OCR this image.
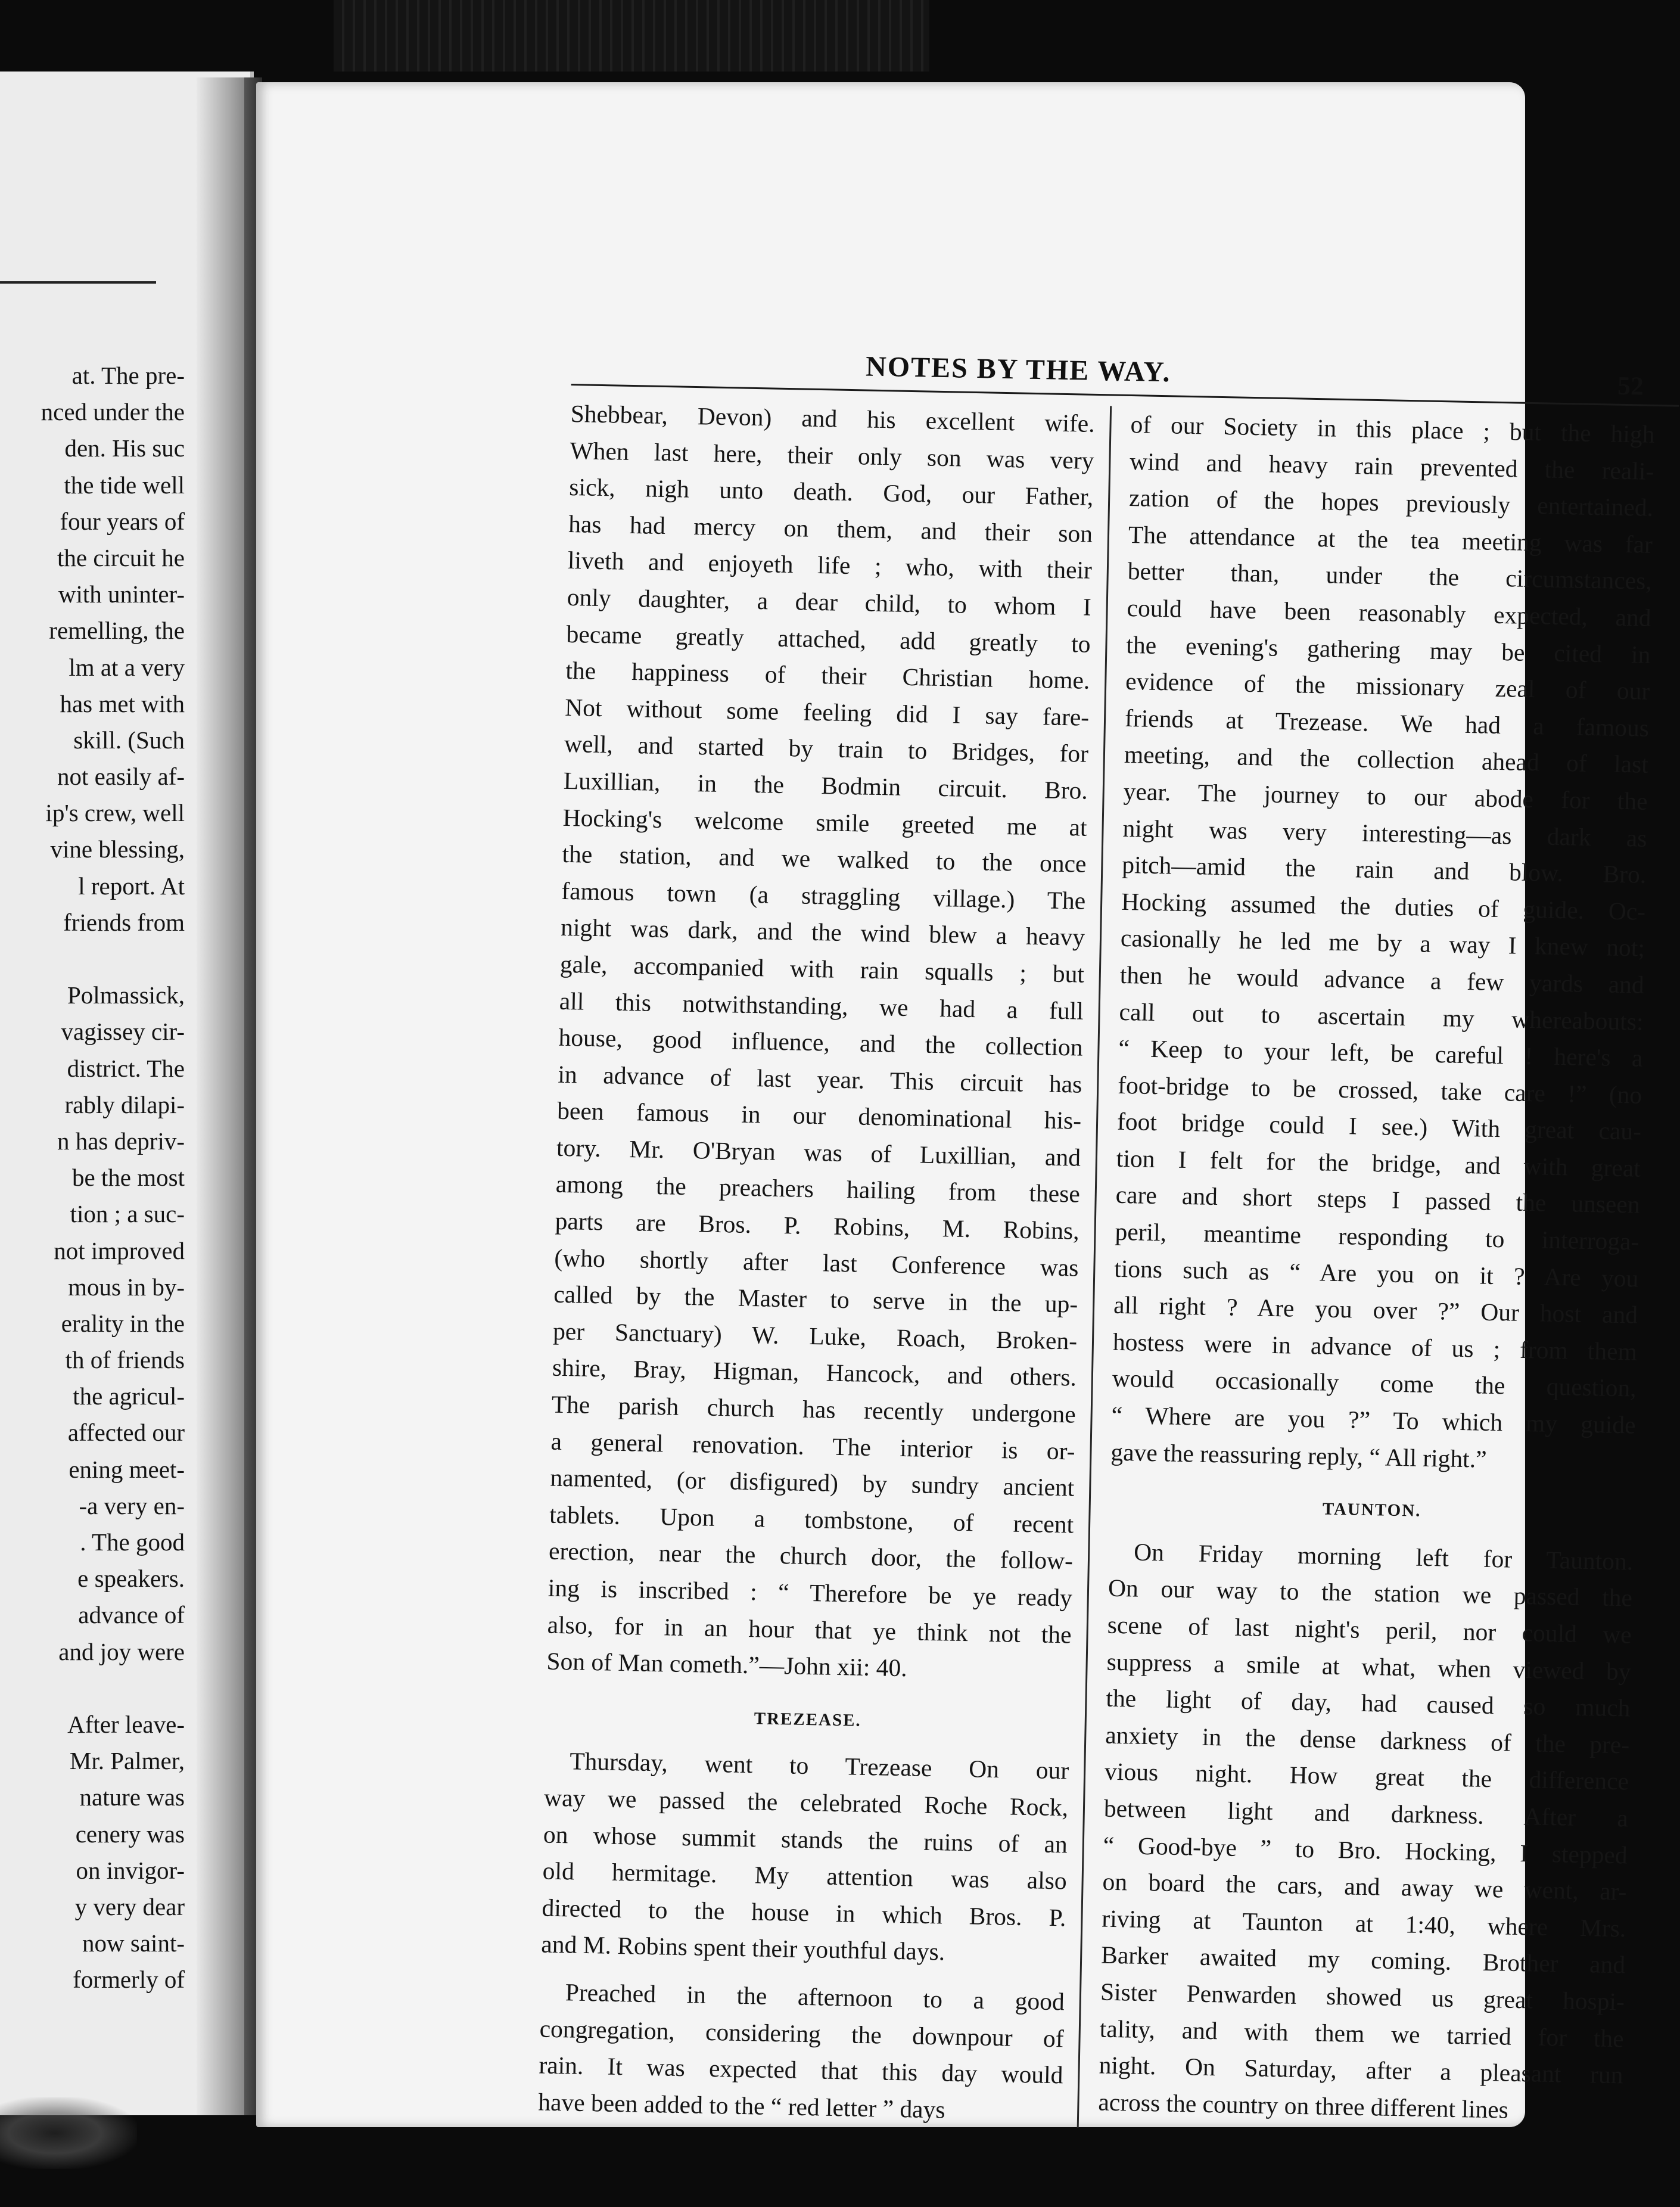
at. The pre-
nced under the
den. His suc
the tide well
four years of
the circuit he
with uninter-
remelling, the
lm at a very
has met with
skill. (Such
not easily af-
ip's crew, well
vine blessing,
l report. At
friends from
Polmassick,
vagissey cir-
district. The
rably dilapi-
n has depriv-
be the most
tion ; a suc-
not improved
mous in by-
erality in the
th of friends
the agricul-
affected our
ening meet-
-a very en-
. The good
e speakers.
advance of
and joy were
After leave-
Mr. Palmer,
nature was
cenery was
on invigor-
y very dear
now saint-
formerly of
NOTES BY THE WAY.	52
Shebbear, Devon) and his excellent wife.
When last here, their only son was very
sick, nigh unto death. God, our Father,
has had mercy on them, and their son
liveth and enjoyeth life ; who, with their
only daughter, a dear child, to whom I
became greatly attached, add greatly to
the happiness of their Christian home.
Not without some feeling did I say fare-
well, and started by train to Bridges, for
Luxillian, in the Bodmin circuit. Bro.
Hocking's welcome smile greeted me at
the station, and we walked to the once
famous town (a straggling village.) The
night was dark, and the wind blew a heavy
gale, accompanied with rain squalls ; but
all this notwithstanding, we had a full
house, good influence, and the collection
in advance of last year. This circuit has
been famous in our denominational his-
tory. Mr. O'Bryan was of Luxillian, and
among the preachers hailing from these
parts are Bros. P. Robins, M. Robins,
(who shortly after last Conference was
called by the Master to serve in the up-
per Sanctuary) W. Luke, Roach, Broken-
shire, Bray, Higman, Hancock, and others.
The parish church has recently undergone
a general renovation. The interior is or-
namented, (or disfigured) by sundry ancient
tablets. Upon a tombstone, of recent
erection, near the church door, the follow-
ing is inscribed : “ Therefore be ye ready
also, for in an hour that ye think not the
Son of Man cometh.”—John xii: 40.
TREZEASE.
Thursday, went to Trezease On our
way we passed the celebrated Roche Rock,
on whose summit stands the ruins of an
old hermitage. My attention was also
directed to the house in which Bros. P.
and M. Robins spent their youthful days.
Preached in the afternoon to a good
congregation, considering the downpour of
rain. It was expected that this day would
have been added to the “ red letter ” days
of our Society in this place ; but the high
wind and heavy rain prevented the reali-
zation of the hopes previously entertained.
The attendance at the tea meeting was far
better than, under the circumstances,
could have been reasonably expected, and
the evening's gathering may be cited in
evidence of the missionary zeal of our
friends at Trezease. We had a famous
meeting, and the collection ahead of last
year. The journey to our abode for the
night was very interesting—as dark as
pitch—amid the rain and blow. Bro.
Hocking assumed the duties of guide. Oc-
casionally he led me by a way I knew not;
then he would advance a few yards and
call out to ascertain my whereabouts:
“ Keep to your left, be careful ! here's a
foot-bridge to be crossed, take care !” (no
foot bridge could I see.) With great cau-
tion I felt for the bridge, and with great
care and short steps I passed the unseen
peril, meantime responding to interroga-
tions such as “ Are you on it ? Are you
all right ? Are you over ?” Our host and
hostess were in advance of us ; from them
would occasionally come the question,
“ Where are you ?” To which my guide
gave the reassuring reply, “ All right.”
TAUNTON.
On Friday morning left for Taunton.
On our way to the station we passed the
scene of last night's peril, nor could we
suppress a smile at what, when viewed by
the light of day, had caused so much
anxiety in the dense darkness of the pre-
vious night. How great the difference
between light and darkness. After a
“ Good-bye ” to Bro. Hocking, I stepped
on board the cars, and away we went, ar-
riving at Taunton at 1:40, where Mrs.
Barker awaited my coming. Brother and
Sister Penwarden showed us great hospi-
tality, and with them we tarried for the
night. On Saturday, after a pleasant run
across the country on three different lines
